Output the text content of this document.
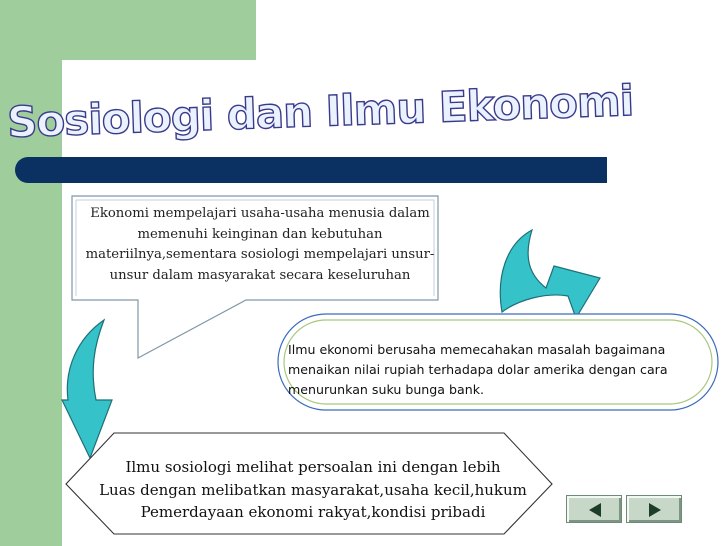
Sosiologi dan Ilmu Ekonomi
Ekonomi mempelajari usaha-usaha menusia dalam
memenuhi keinginan dan kebutuhan
materiilnya,sementara sosiologi mempelajari unsur-
unsur dalam masyarakat secara keseluruhan
Ilmu ekonomi berusaha memecahakan masalah bagaimana
menaikan nilai rupiah terhadapa dolar amerika dengan cara
menurunkan suku bunga bank.
Ilmu sosiologi melihat persoalan ini dengan lebih
Luas dengan melibatkan masyarakat,usaha kecil,hukum
Pemerdayaan ekonomi rakyat,kondisi pribadi
